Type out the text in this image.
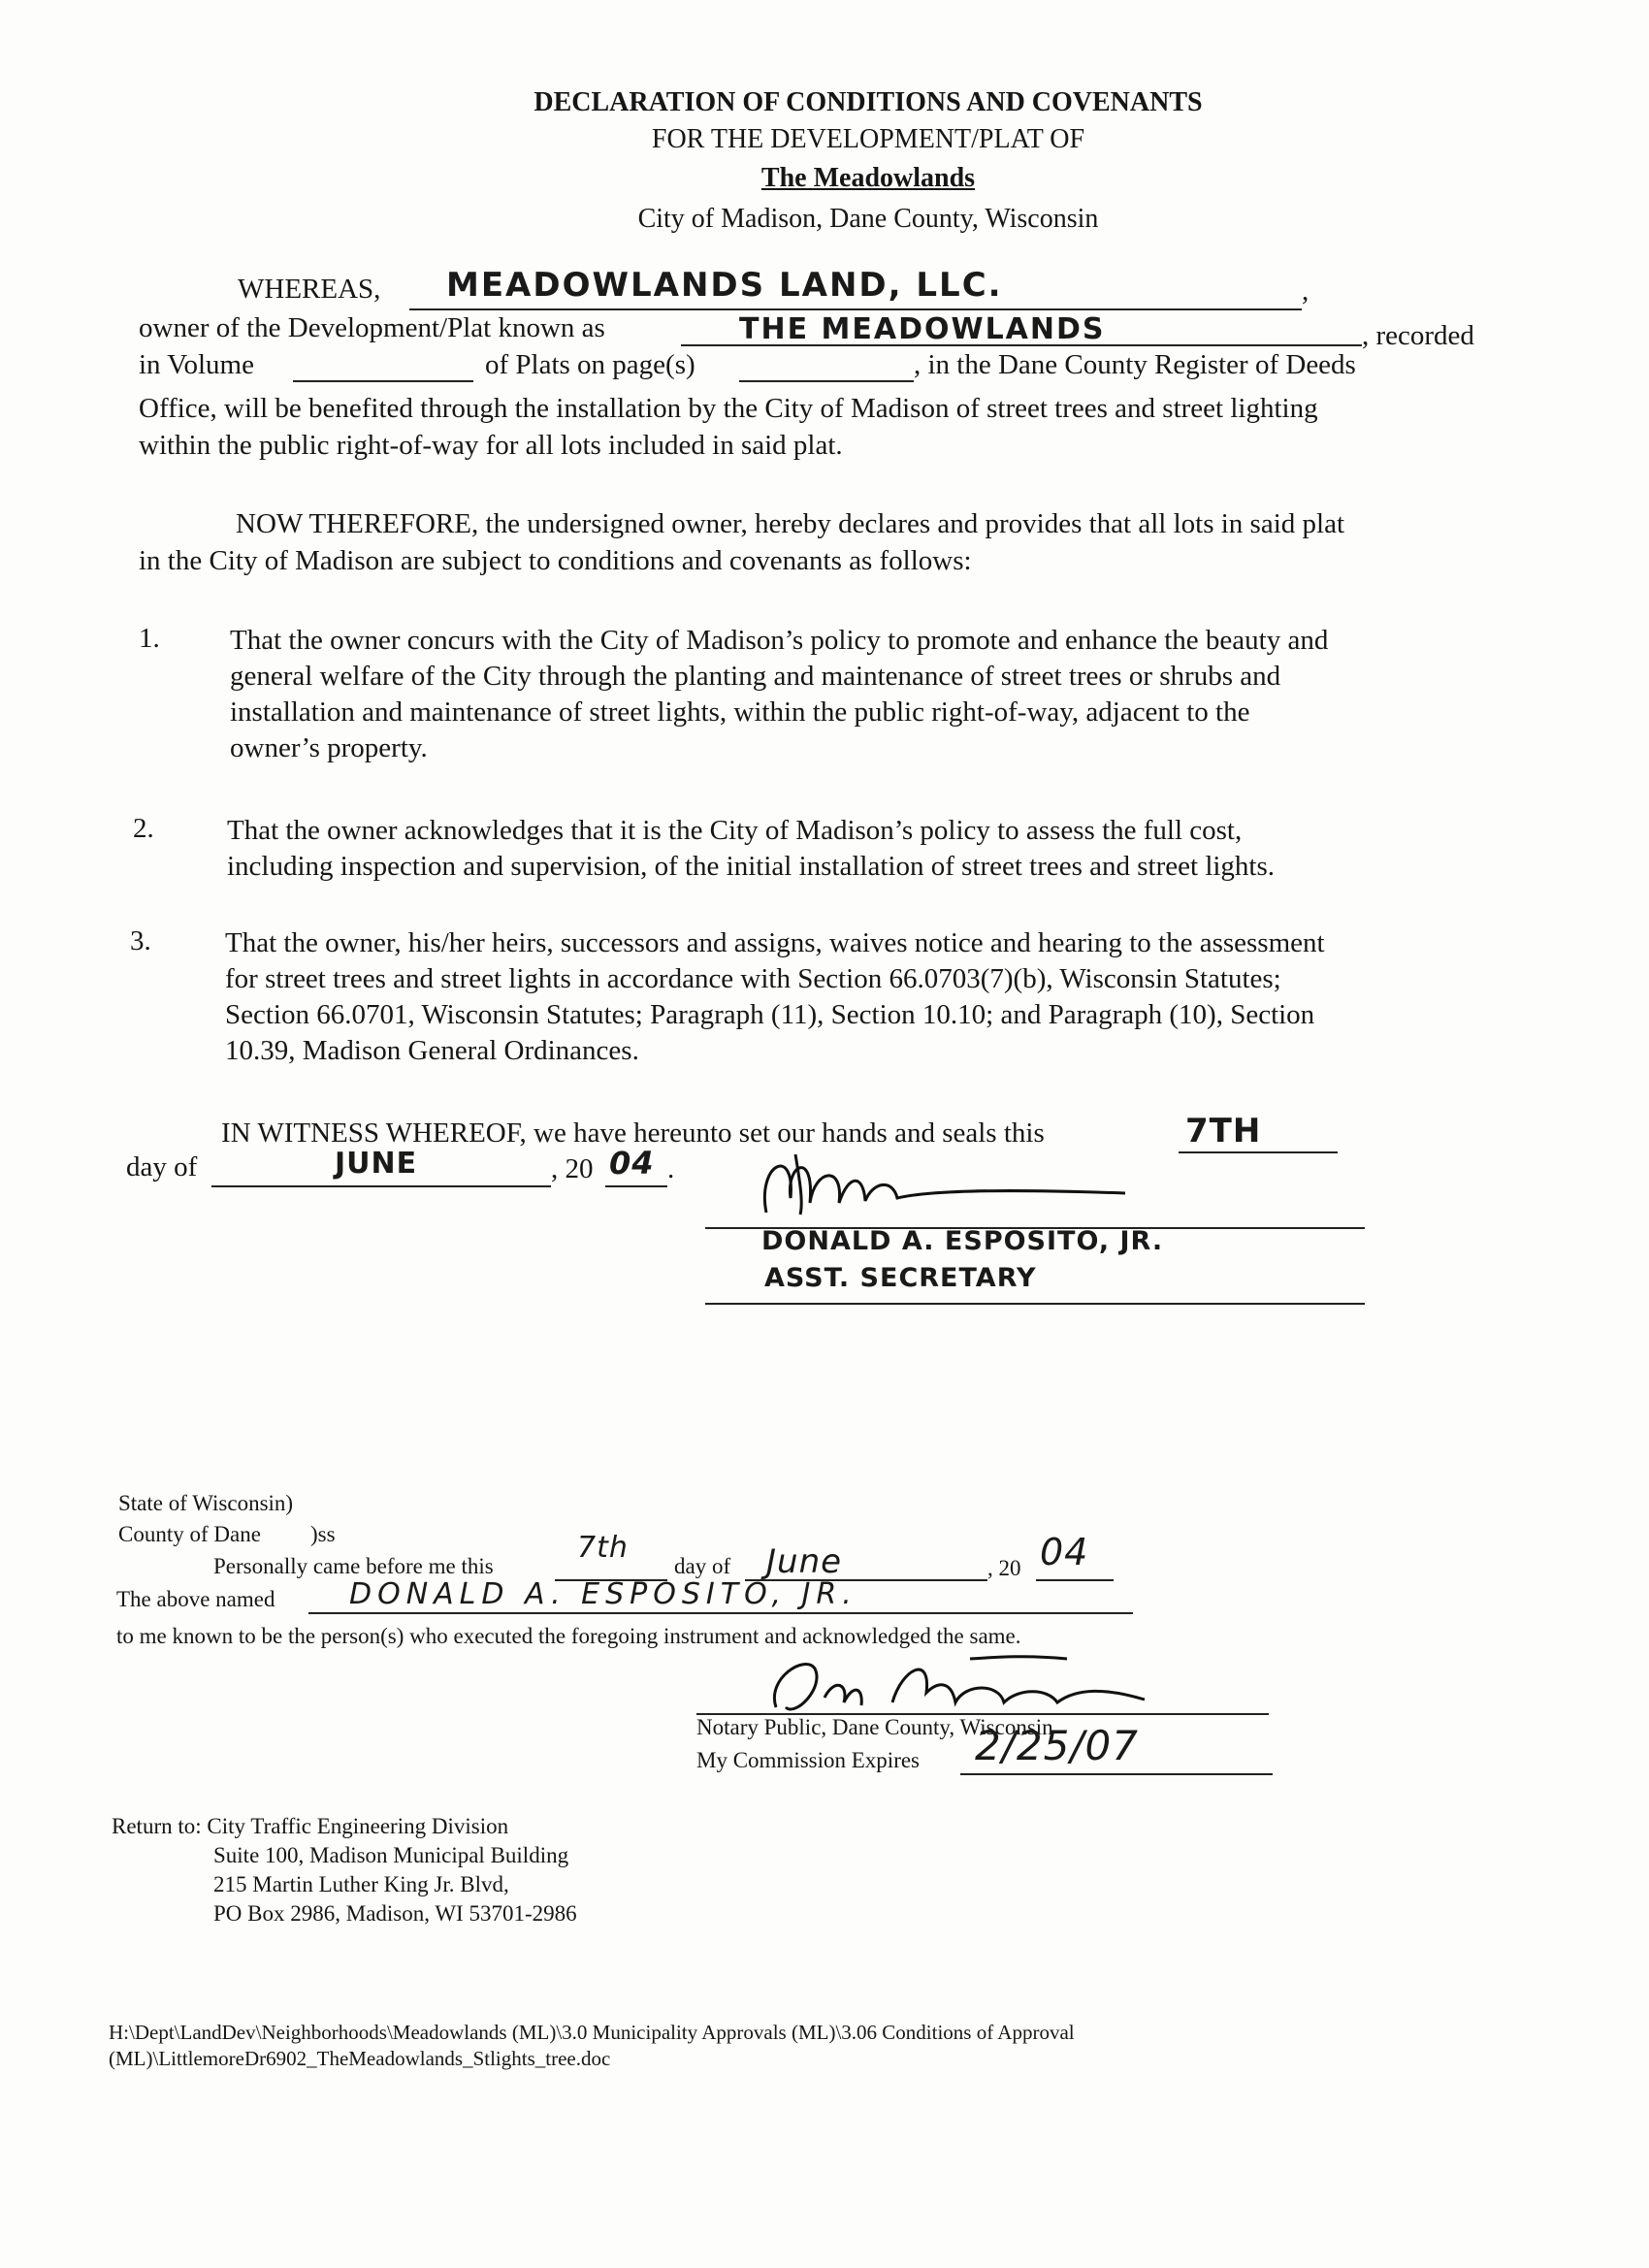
DECLARATION OF CONDITIONS AND COVENANTS
FOR THE DEVELOPMENT/PLAT OF
The Meadowlands
City of Madison, Dane County, Wisconsin
WHEREAS,	,
MEADOWLANDS LAND, LLC.
owner of the Development/Plat known as	THE MEADOWLANDS	, recorded
in Volume	of Plats on page(s)	, in the Dane County Register of Deeds
Office, will be benefited through the installation by the City of Madison of street trees and street lighting
within the public right-of-way for all lots included in said plat.
NOW THEREFORE, the undersigned owner, hereby declares and provides that all lots in said plat
in the City of Madison are subject to conditions and covenants as follows:
1. That the owner concurs with the City of Madison’s policy to promote and enhance the beauty and

general welfare of the City through the planting and maintenance of street trees or shrubs and

installation and maintenance of street lights, within the public right-of-way, adjacent to the

owner’s property.

2.	That the owner acknowledges that it is the City of Madison’s policy to assess the full cost,

including inspection and supervision, of the initial installation of street trees and street lights.

3.	That the owner, his/her heirs, successors and assigns, waives notice and hearing to the assessment

for street trees and street lights in accordance with Section 66.0703(7)(b), Wisconsin Statutes;

Section 66.0701, Wisconsin Statutes; Paragraph (11), Section 10.10; and Paragraph (10), Section

10.39, Madison General Ordinances.

IN WITNESS WHEREOF, we have hereunto set our hands and seals this	7TH
day of	JUNE	, 20 04 .
DONALD A. ESPOSITO, JR.
ASST. SECRETARY
State of Wisconsin)
County of Dane )ss
Personally came before me this
7th
day of June	, 20 04
The above named	DONALD A. ESPOSITO, JR.
to me known to be the person(s) who executed the foregoing instrument and acknowledged the same.
Notary Public, Dane County, Wisconsin
My Commission Expires 2/25/07
Return to: City Traffic Engineering Division
Suite 100, Madison Municipal Building
215 Martin Luther King Jr. Blvd,
PO Box 2986, Madison, WI 53701-2986
H:\Dept\LandDev\Neighborhoods\Meadowlands (ML)\3.0 Municipality Approvals (ML)\3.06 Conditions of Approval
(ML)\LittlemoreDr6902_TheMeadowlands_Stlights_tree.doc
